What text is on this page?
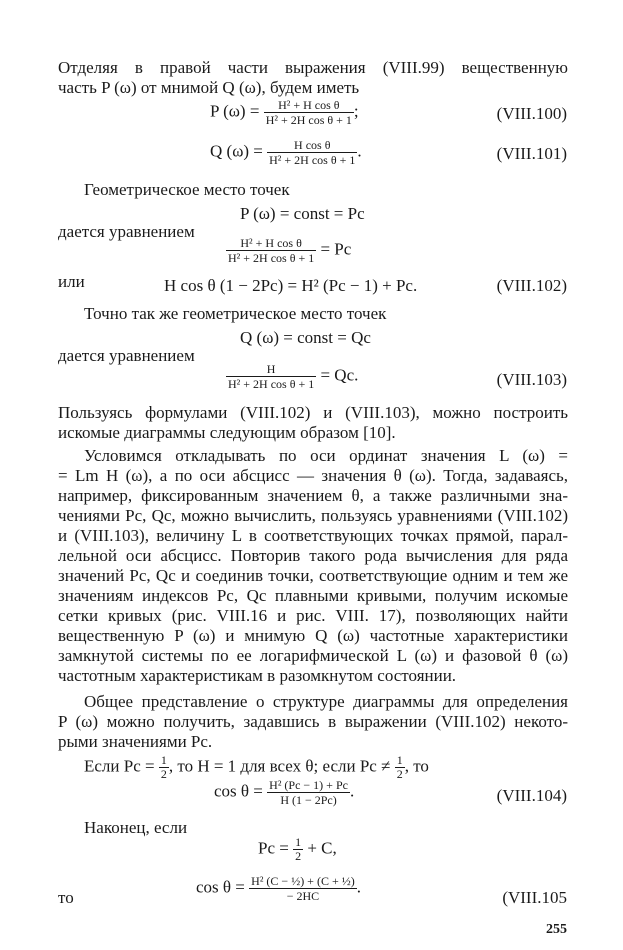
Отделяя в правой части выражения (VIII.99) вещественную
часть P (ω) от мнимой Q (ω), будем иметь
P $(\omega) = \frac{\text{H² + H cos θ}}{\text{H² + 2H cos θ + 1}}$ ;	(VIII.100)
Q $(\omega) = \frac{\text{H cos θ}}{\text{H² + 2H cos θ + 1}}$ .	(VIII.101)
Геометрическое место точек
P (ω) = const = Pc
дается уравнением
$\frac{\text{H² + H cos θ}}{\text{H² + 2H cos θ + 1}} = Pc$
или	H cos θ (1 − 2Pc) = H² (Pc − 1) + Pc.	(VIII.102)
Точно так же геометрическое место точек
Q (ω) = const = Qc
дается уравнением
$\frac{H}{\text{H² + 2H cos θ + 1}} = Qc$.	(VIII.103)
Пользуясь формулами (VIII.102) и (VIII.103), можно построить
искомые диаграммы следующим образом [10].
Условимся откладывать по оси ординат значения L (ω) =
= Lm H (ω), а по оси абсцисс — значения θ (ω). Тогда, задаваясь,
например, фиксированным значением θ, а также различными зна-
чениями Pc, Qc, можно вычислить, пользуясь уравнениями (VIII.102)
и (VIII.103), величину L в соответствующих точках прямой, парал-
лельной оси абсцисс. Повторив такого рода вычисления для ряда
значений Pc, Qc и соединив точки, соответствующие одним и тем же
значениям индексов Pc, Qc плавными кривыми, получим искомые
сетки кривых (рис. VIII.16 и рис. VIII. 17), позволяющих найти
вещественную P (ω) и мнимую Q (ω) частотные характеристики
замкнутой системы по ее логарифмической L (ω) и фазовой θ (ω)
частотным характеристикам в разомкнутом состоянии.
Общее представление о структуре диаграммы для определения
P (ω) можно получить, задавшись в выражении (VIII.102) некото-
рыми значениями Pc.
Если $Pc = \frac{1}{2}$ , то H = 1 для всех θ; если $Pc \ne \frac{1}{2}$ , то
$\cos \theta = \frac{\text{H² (Pc − 1) + Pc}}{H (1 - 2Pc)}$ .	(VIII.104)
Наконец, если
$Pc = \frac{1}{2} + C$,
то
$\cos \theta = \frac{\text{H² (C − ½) + (C + ½)}}{- 2HC}$ .
(VIII.105
255
